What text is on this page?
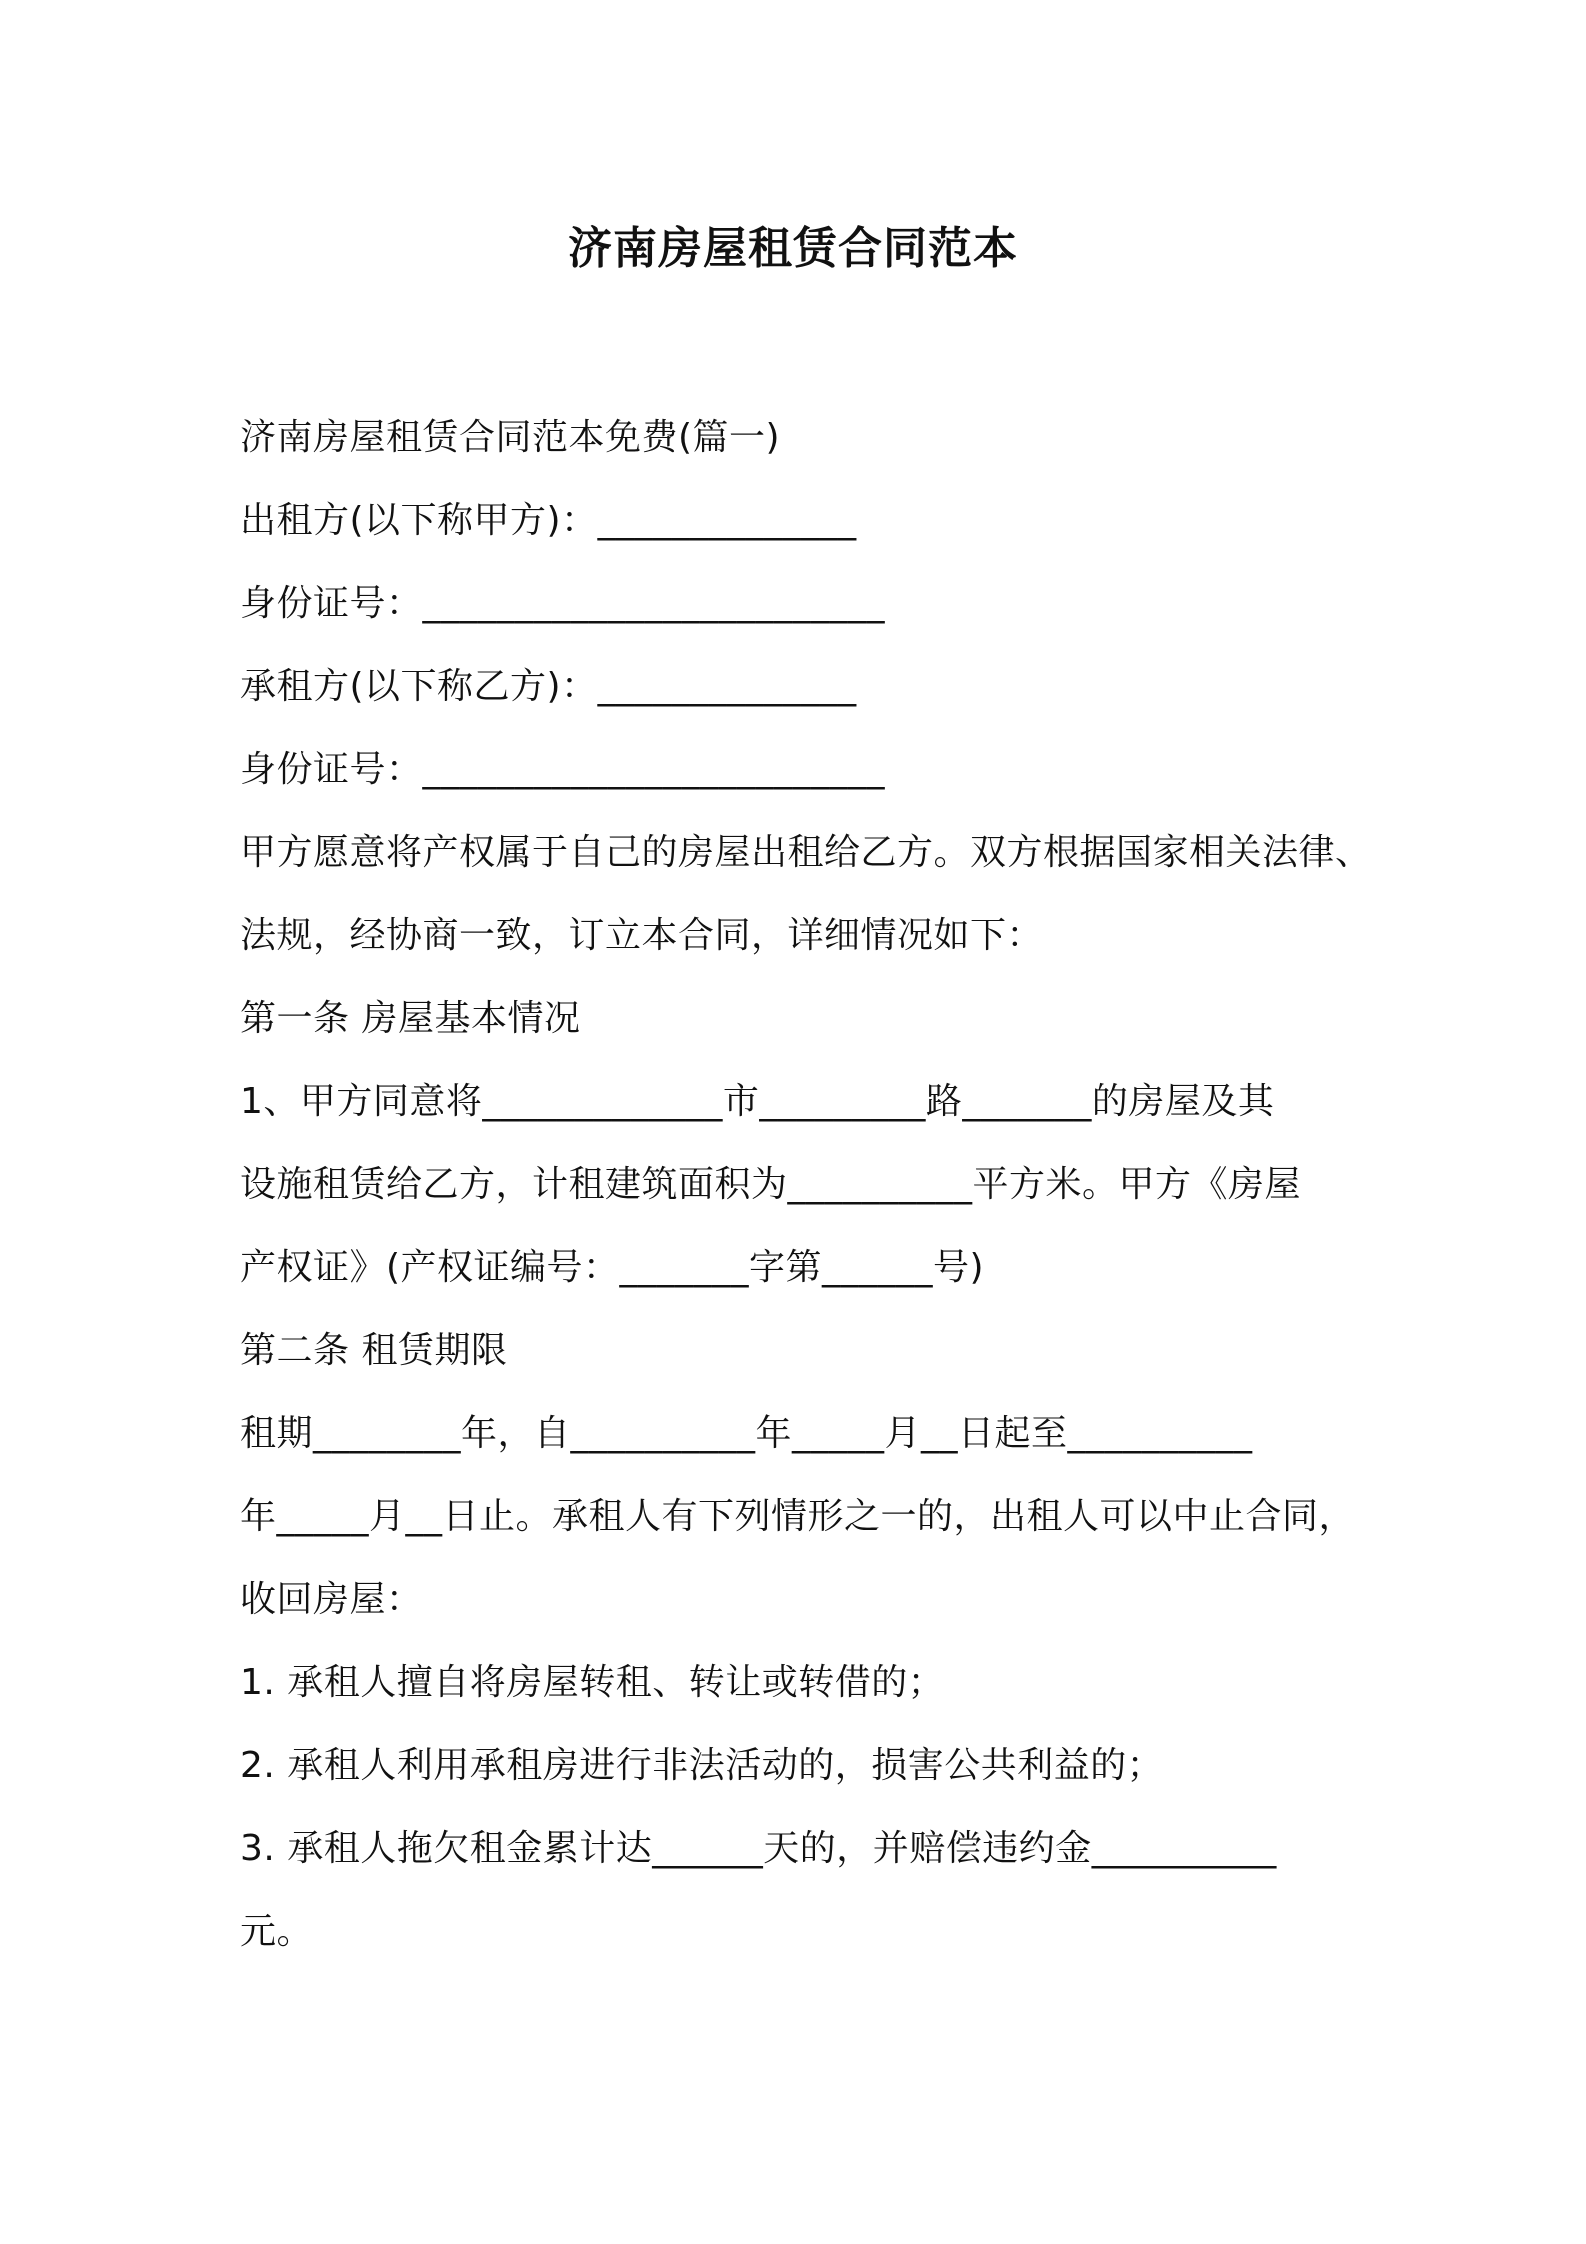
济南房屋租赁合同范本
济南房屋租赁合同范本免费(篇一)
出租方(以下称甲方)：______________
身份证号：_________________________
承租方(以下称乙方)：______________
身份证号：_________________________
甲方愿意将产权属于自己的房屋出租给乙方。双方根据国家相关法律、
法规，经协商一致，订立本合同，详细情况如下：
第一条 房屋基本情况
1、甲方同意将_____________市_________路_______的房屋及其
设施租赁给乙方，计租建筑面积为__________平方米。甲方《房屋
产权证》(产权证编号：_______字第______号)
第二条 租赁期限
租期________年，自__________年_____月__日起至__________
年_____月__日止。承租人有下列情形之一的，出租人可以中止合同，
收回房屋：
1. 承租人擅自将房屋转租、转让或转借的；
2. 承租人利用承租房进行非法活动的，损害公共利益的；
3. 承租人拖欠租金累计达______天的，并赔偿违约金__________
元。
